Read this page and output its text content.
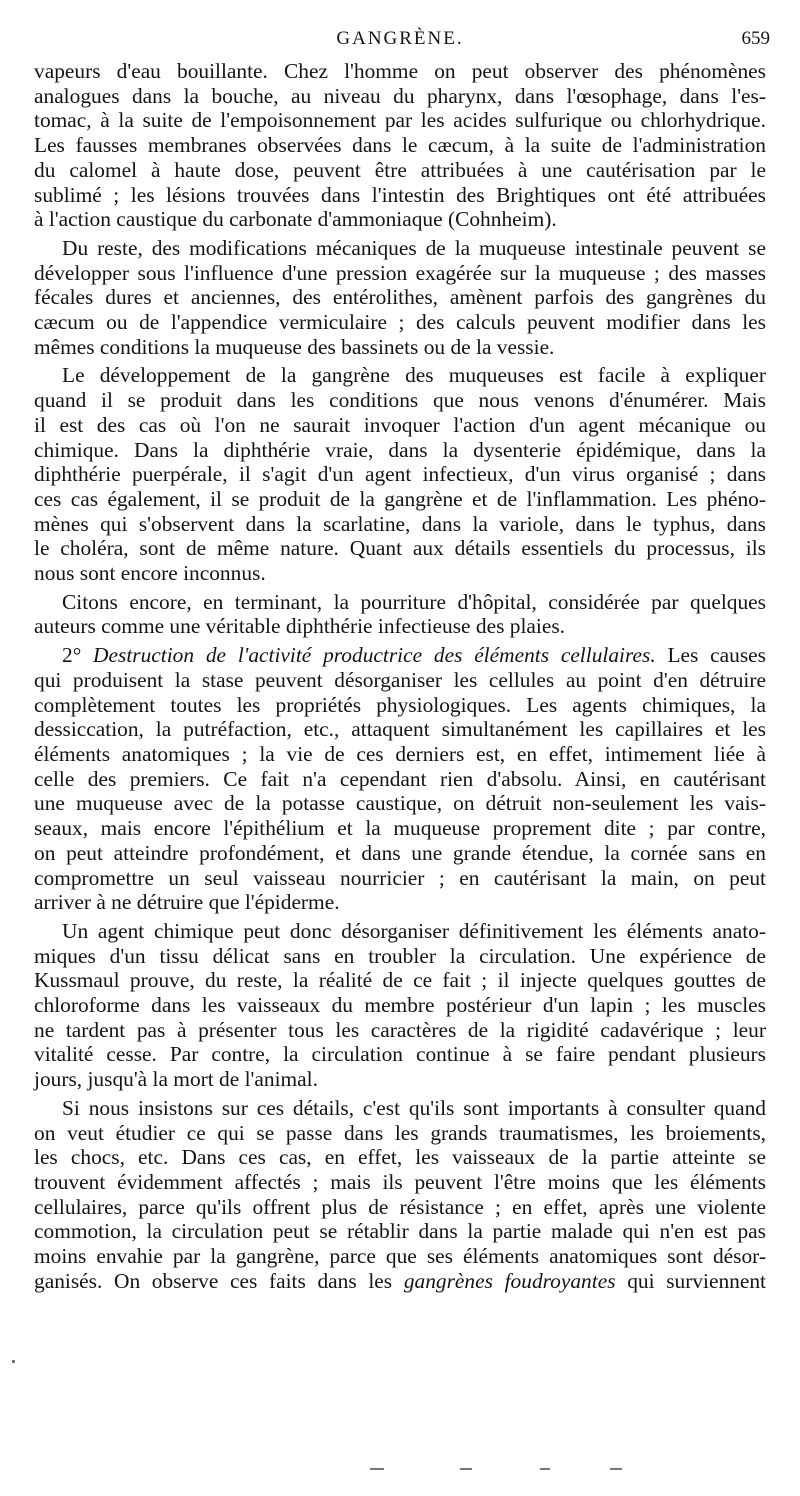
GANGRÈNE.	659
vapeurs d'eau bouillante. Chez l'homme on peut observer des phénomènes
analogues dans la bouche, au niveau du pharynx, dans l'œsophage, dans l'es-
tomac, à la suite de l'empoisonnement par les acides sulfurique ou chlorhydrique.
Les fausses membranes observées dans le cæcum, à la suite de l'administration
du calomel à haute dose, peuvent être attribuées à une cautérisation par le
sublimé ; les lésions trouvées dans l'intestin des Brightiques ont été attribuées
à l'action caustique du carbonate d'ammoniaque (Cohnheim).
Du reste, des modifications mécaniques de la muqueuse intestinale peuvent se
développer sous l'influence d'une pression exagérée sur la muqueuse ; des masses
fécales dures et anciennes, des entérolithes, amènent parfois des gangrènes du
cæcum ou de l'appendice vermiculaire ; des calculs peuvent modifier dans les
mêmes conditions la muqueuse des bassinets ou de la vessie.
Le développement de la gangrène des muqueuses est facile à expliquer
quand il se produit dans les conditions que nous venons d'énumérer. Mais
il est des cas où l'on ne saurait invoquer l'action d'un agent mécanique ou
chimique. Dans la diphthérie vraie, dans la dysenterie épidémique, dans la
diphthérie puerpérale, il s'agit d'un agent infectieux, d'un virus organisé ; dans
ces cas également, il se produit de la gangrène et de l'inflammation. Les phéno-
mènes qui s'observent dans la scarlatine, dans la variole, dans le typhus, dans
le choléra, sont de même nature. Quant aux détails essentiels du processus, ils
nous sont encore inconnus.
Citons encore, en terminant, la pourriture d'hôpital, considérée par quelques
auteurs comme une véritable diphthérie infectieuse des plaies.
2° Destruction de l'activité productrice des éléments cellulaires. Les causes
qui produisent la stase peuvent désorganiser les cellules au point d'en détruire
complètement toutes les propriétés physiologiques. Les agents chimiques, la
dessiccation, la putréfaction, etc., attaquent simultanément les capillaires et les
éléments anatomiques ; la vie de ces derniers est, en effet, intimement liée à
celle des premiers. Ce fait n'a cependant rien d'absolu. Ainsi, en cautérisant
une muqueuse avec de la potasse caustique, on détruit non-seulement les vais-
seaux, mais encore l'épithélium et la muqueuse proprement dite ; par contre,
on peut atteindre profondément, et dans une grande étendue, la cornée sans en
compromettre un seul vaisseau nourricier ; en cautérisant la main, on peut
arriver à ne détruire que l'épiderme.
Un agent chimique peut donc désorganiser définitivement les éléments anato-
miques d'un tissu délicat sans en troubler la circulation. Une expérience de
Kussmaul prouve, du reste, la réalité de ce fait ; il injecte quelques gouttes de
chloroforme dans les vaisseaux du membre postérieur d'un lapin ; les muscles
ne tardent pas à présenter tous les caractères de la rigidité cadavérique ; leur
vitalité cesse. Par contre, la circulation continue à se faire pendant plusieurs
jours, jusqu'à la mort de l'animal.
Si nous insistons sur ces détails, c'est qu'ils sont importants à consulter quand
on veut étudier ce qui se passe dans les grands traumatismes, les broiements,
les chocs, etc. Dans ces cas, en effet, les vaisseaux de la partie atteinte se
trouvent évidemment affectés ; mais ils peuvent l'être moins que les éléments
cellulaires, parce qu'ils offrent plus de résistance ; en effet, après une violente
commotion, la circulation peut se rétablir dans la partie malade qui n'en est pas
moins envahie par la gangrène, parce que ses éléments anatomiques sont désor-
ganisés. On observe ces faits dans les gangrènes foudroyantes qui surviennent
